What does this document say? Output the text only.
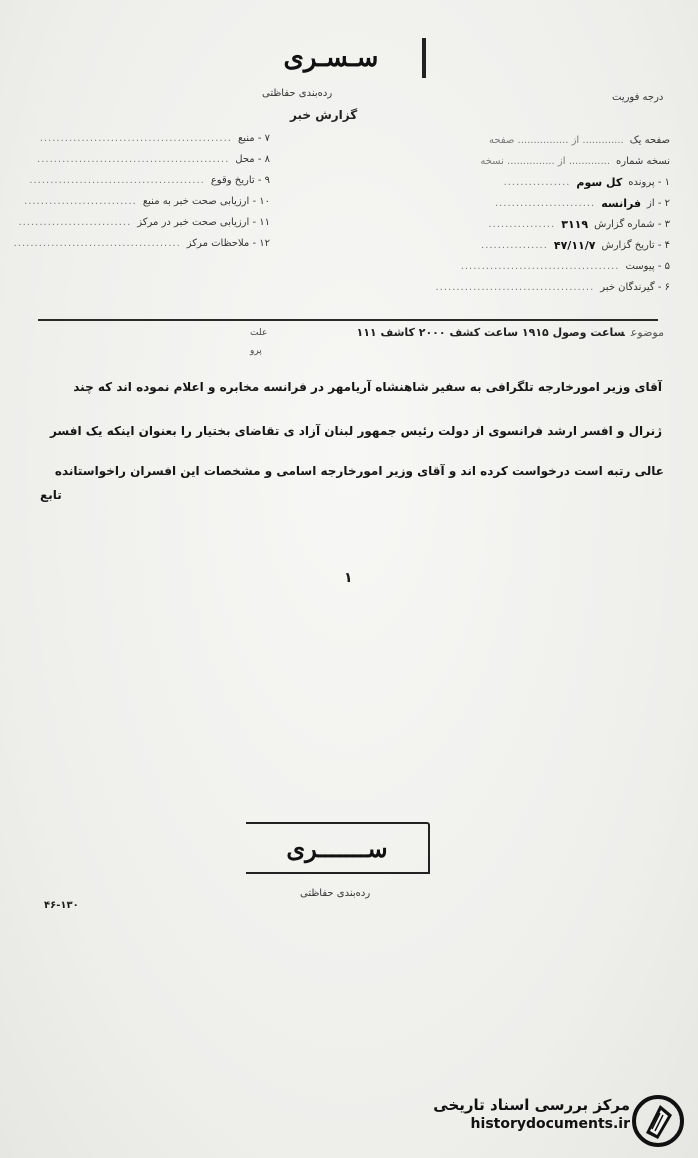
سـسـری
رده‌بندی حفاظتی
گزارش خبر
درجه فوریت
صفحه یک
............. از ................ صفحه
نسخه شماره
............. از ............... نسخه
۱ - پرونده
کل سوم
................
۲ - از
فرانسه
........................
۳ - شماره گزارش
۳۱۱۹
................
۴ - تاریخ گزارش
۴۷/۱۱/۷
................
۵ - پیوست
......................................
۶ - گیرندگان خبر
......................................
۷ - منبع
..............................................
۸ - محل
..............................................
۹ - تاریخ وقوع
..........................................
۱۰ - ارزیابی صحت خبر به منبع
...........................
۱۱ - ارزیابی صحت خبر در مرکز
...........................
۱۲ - ملاحظات مرکز
........................................
موضوعساعت وصول ۱۹۱۵ ساعت کشف ۲۰۰۰ کاشف ۱۱۱
علت
پرو
آقای وزیر امورخارجه تلگرافی به سفیر شاهنشاه آریامهر در فرانسه مخابره و اعلام نموده اند که چند
ژنرال و افسر ارشد فرانسوی از دولت رئیس جمهور لبنان آزاد ی تقاضای بختیار را بعنوان اینکه یک افسر
عالی رتبه است درخواست کرده اند و آقای وزیر امورخارجه اسامی و مشخصات این افسران راخواستانده
تابع
۱
ســـــــری
رده‌بندی حفاظتی
۴۶-۱۳۰
مرکز بررسی اسناد تاریخی
historydocuments.ir
